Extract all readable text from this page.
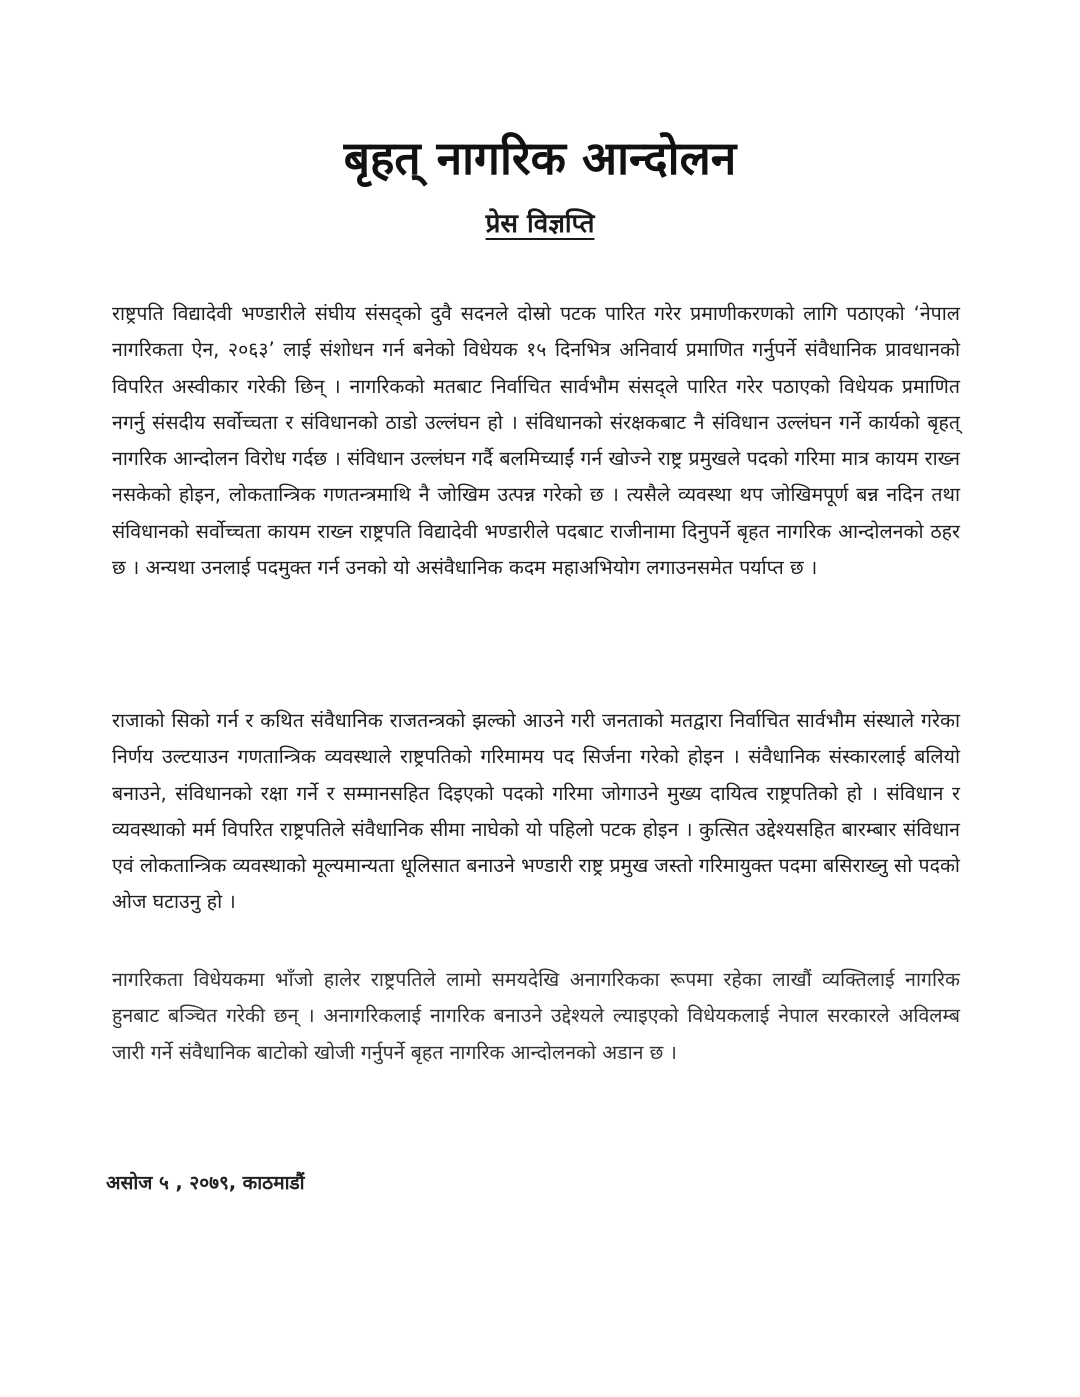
बृहत् नागरिक आन्दोलन
प्रेस विज्ञप्ति

राष्ट्रपति विद्यादेवी भण्डारीले संघीय संसद्को दुवै सदनले दोस्रो पटक पारित गरेर प्रमाणीकरणको लागि पठाएको ‘नेपाल नागरिकता ऐन, २०६३’ लाई संशोधन गर्न बनेको विधेयक १५ दिनभित्र अनिवार्य प्रमाणित गर्नुपर्ने संवैधानिक प्रावधानको विपरित अस्वीकार गरेकी छिन् । नागरिकको मतबाट निर्वाचित सार्वभौम संसद्ले पारित गरेर पठाएको विधेयक प्रमाणित नगर्नु संसदीय सर्वोच्चता र संविधानको ठाडो उल्लंघन हो । संविधानको संरक्षकबाट नै संविधान उल्लंघन गर्ने कार्यको बृहत् नागरिक आन्दोलन विरोध गर्दछ । संविधान उल्लंघन गर्दै बलमिच्याईं गर्न खोज्ने राष्ट्र प्रमुखले पदको गरिमा मात्र कायम राख्न नसकेको होइन, लोकतान्त्रिक गणतन्त्रमाथि नै जोखिम उत्पन्न गरेको छ । त्यसैले व्यवस्था थप जोखिमपूर्ण बन्न नदिन तथा संविधानको सर्वोच्चता कायम राख्न राष्ट्रपति विद्यादेवी भण्डारीले पदबाट राजीनामा दिनुपर्ने बृहत नागरिक आन्दोलनको ठहर छ । अन्यथा उनलाई पदमुक्त गर्न उनको यो असंवैधानिक कदम महाअभियोग लगाउनसमेत पर्याप्त छ ।

राजाको सिको गर्न र कथित संवैधानिक राजतन्त्रको झल्को आउने गरी जनताको मतद्वारा निर्वाचित सार्वभौम संस्थाले गरेका निर्णय उल्टयाउन गणतान्त्रिक व्यवस्थाले राष्ट्रपतिको गरिमामय पद सिर्जना गरेको होइन । संवैधानिक संस्कारलाई बलियो बनाउने, संविधानको रक्षा गर्ने र सम्मानसहित दिइएको पदको गरिमा जोगाउने मुख्य दायित्व राष्ट्रपतिको हो । संविधान र व्यवस्थाको मर्म विपरित राष्ट्रपतिले संवैधानिक सीमा नाघेको यो पहिलो पटक होइन । कुत्सित उद्देश्यसहित बारम्बार संविधान एवं लोकतान्त्रिक व्यवस्थाको मूल्यमान्यता धूलिसात बनाउने भण्डारी राष्ट्र प्रमुख जस्तो गरिमायुक्त पदमा बसिराख्नु सो पदको ओज घटाउनु हो ।

नागरिकता विधेयकमा भाँजो हालेर राष्ट्रपतिले लामो समयदेखि अनागरिकका रूपमा रहेका लाखौं व्यक्तिलाई नागरिक हुनबाट बञ्चित गरेकी छन् । अनागरिकलाई नागरिक बनाउने उद्देश्यले ल्याइएको विधेयकलाई नेपाल सरकारले अविलम्ब जारी गर्ने संवैधानिक बाटोको खोजी गर्नुपर्ने बृहत नागरिक आन्दोलनको अडान छ ।

असोज ५ , २०७९, काठमाडौं
